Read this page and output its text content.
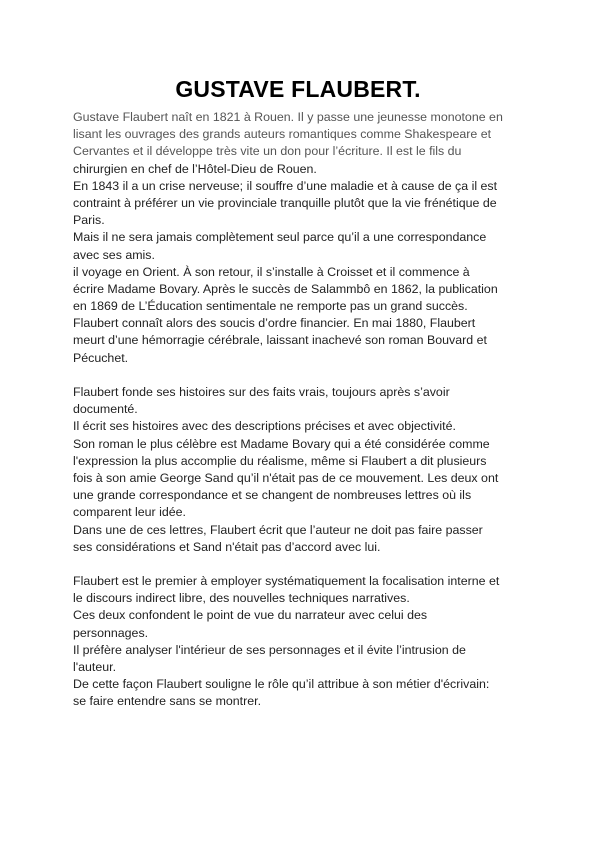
GUSTAVE FLAUBERT.
Gustave Flaubert naît en 1821 à Rouen. Il y passe une jeunesse monotone en
lisant les ouvrages des grands auteurs romantiques comme Shakespeare et
Cervantes et il développe très vite un don pour l’écriture. Il est le fils du
chirurgien en chef de l’Hôtel-Dieu de Rouen.
En 1843 il a un crise nerveuse; il souffre d’une maladie et à cause de ça il est
contraint à préférer un vie provinciale tranquille plutôt que la vie frénétique de
Paris.
Mais il ne sera jamais complètement seul parce qu’il a une correspondance
avec ses amis.
il voyage en Orient. À son retour, il s’installe à Croisset et il commence à
écrire Madame Bovary. Après le succès de Salammbô en 1862, la publication
en 1869 de L’Éducation sentimentale ne remporte pas un grand succès.
Flaubert connaît alors des soucis d’ordre financier. En mai 1880, Flaubert
meurt d’une hémorragie cérébrale, laissant inachevé son roman Bouvard et
Pécuchet.
Flaubert fonde ses histoires sur des faits vrais, toujours après s’avoir
documenté.
Il écrit ses histoires avec des descriptions précises et avec objectivité.
Son roman le plus célèbre est Madame Bovary qui a été considérée comme
l'expression la plus accomplie du réalisme, même si Flaubert a dit plusieurs
fois à son amie George Sand qu’il n'était pas de ce mouvement. Les deux ont
une grande correspondance et se changent de nombreuses lettres où ils
comparent leur idée.
Dans une de ces lettres, Flaubert écrit que l’auteur ne doit pas faire passer
ses considérations et Sand n'était pas d’accord avec lui.
Flaubert est le premier à employer systématiquement la focalisation interne et
le discours indirect libre, des nouvelles techniques narratives.
Ces deux confondent le point de vue du narrateur avec celui des
personnages.
Il préfère analyser l'intérieur de ses personnages et il évite l’intrusion de
l'auteur.
De cette façon Flaubert souligne le rôle qu’il attribue à son métier d'écrivain:
se faire entendre sans se montrer.
